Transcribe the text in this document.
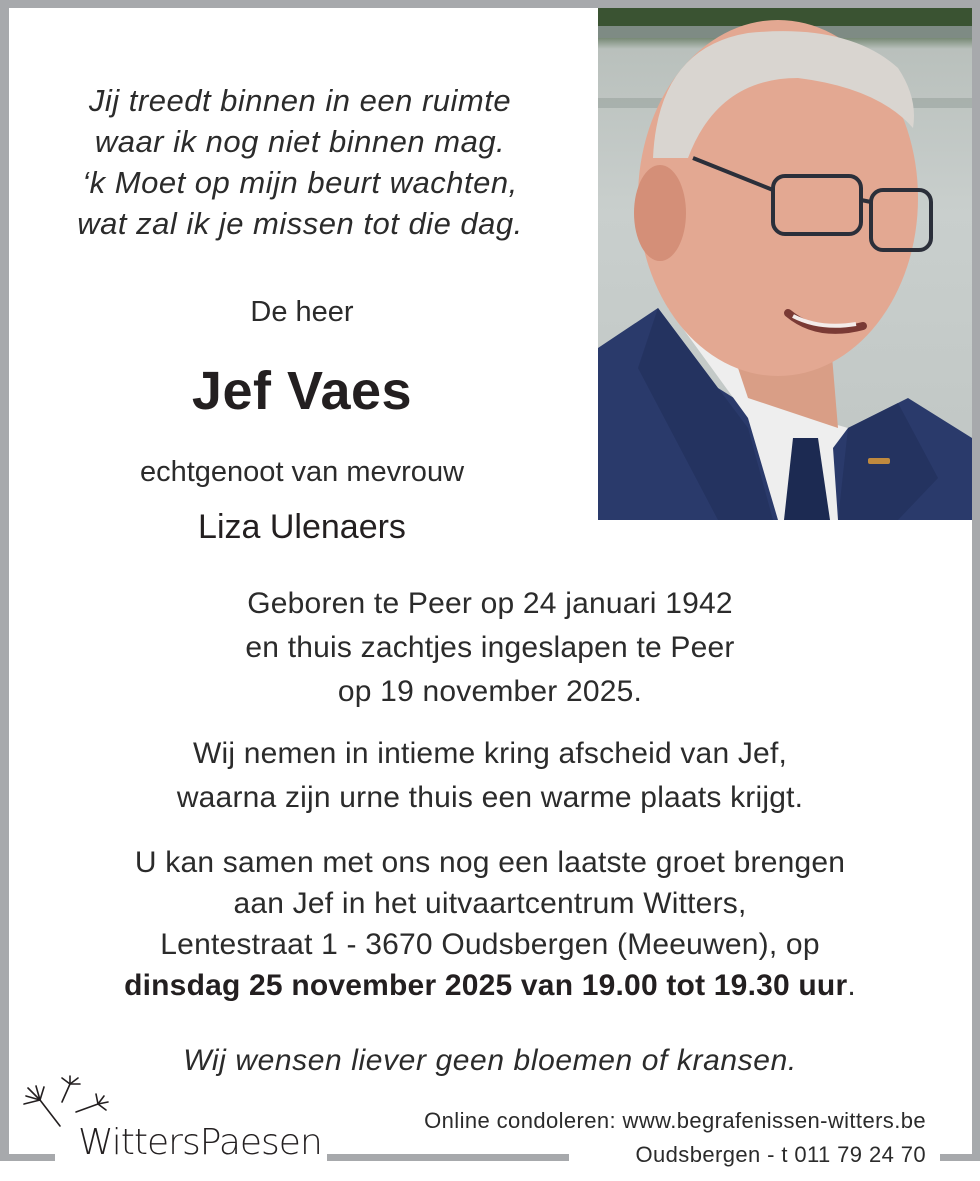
Jij treedt binnen in een ruimte
waar ik nog niet binnen mag.
‘k Moet op mijn beurt wachten,
wat zal ik je missen tot die dag.
De heer
Jef Vaes
echtgenoot van mevrouw
Liza Ulenaers
Geboren te Peer op 24 januari 1942
en thuis zachtjes ingeslapen te Peer
op 19 november 2025.
Wij nemen in intieme kring afscheid van Jef,
waarna zijn urne thuis een warme plaats krijgt.
U kan samen met ons nog een laatste groet brengen
aan Jef in het uitvaartcentrum Witters,
Lentestraat 1 - 3670 Oudsbergen (Meeuwen), op
dinsdag 25 november 2025 van 19.00 tot 19.30 uur.
Wij wensen liever geen bloemen of kransen.
WittersPaesen
Online condoleren: www.begrafenissen-witters.be
Oudsbergen - t 011 79 24 70
